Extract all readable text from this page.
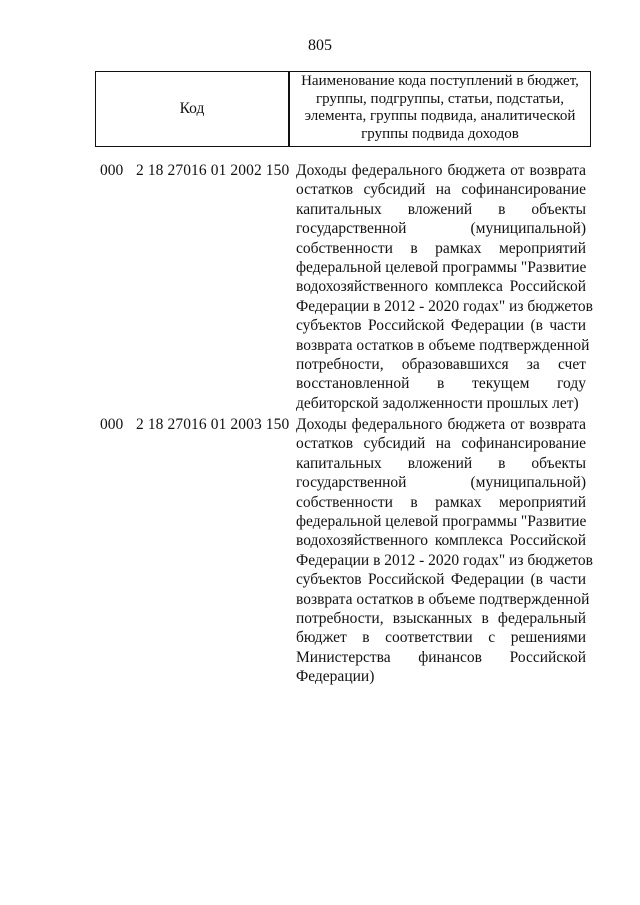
805
Код
Наименование кода поступлений в бюджет, группы, подгруппы, статьи, подстатьи, элемента, группы подвида, аналитической группы подвида доходов
000 2 18 27016 01 2002 150 Доходы федерального бюджета от возврата
остатков субсидий на софинансирование
капитальных вложений в объекты
государственной (муниципальной)
собственности в рамках мероприятий
федеральной целевой программы "Развитие
водохозяйственного комплекса Российской
Федерации в 2012 - 2020 годах" из бюджетов
субъектов Российской Федерации (в части
возврата остатков в объеме подтвержденной
потребности, образовавшихся за счет
восстановленной в текущем году
дебиторской задолженности прошлых лет)
000 2 18 27016 01 2003 150 Доходы федерального бюджета от возврата
остатков субсидий на софинансирование
капитальных вложений в объекты
государственной (муниципальной)
собственности в рамках мероприятий
федеральной целевой программы "Развитие
водохозяйственного комплекса Российской
Федерации в 2012 - 2020 годах" из бюджетов
субъектов Российской Федерации (в части
возврата остатков в объеме подтвержденной
потребности, взысканных в федеральный
бюджет в соответствии с решениями
Министерства финансов Российской
Федерации)
